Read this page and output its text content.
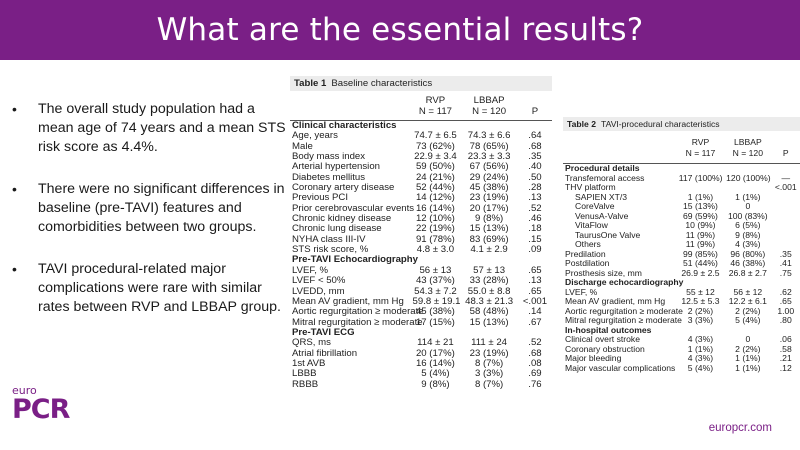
What are the essential results?
• The overall study population had a mean age of 74 years and a mean STS risk score as 4.4%.
• There were no significant differences in baseline (pre-TAVI) features and comorbidities between two groups.
• TAVI procedural-related major complications were rare with similar rates between RVP and LBBAP group.
Table 1 Baseline characteristics
	RVP
N = 117	LBBAP
N = 120	P
Clinical characteristics			
Age, years	74.7 ± 6.5	74.3 ± 6.6	.64
Male	73 (62%)	78 (65%)	.68
Body mass index	22.9 ± 3.4	23.3 ± 3.3	.35
Arterial hypertension	59 (50%)	67 (56%)	.40
Diabetes mellitus	24 (21%)	29 (24%)	.50
Coronary artery disease	52 (44%)	45 (38%)	.28
Previous PCI	14 (12%)	23 (19%)	.13
Prior cerebrovascular events	16 (14%)	20 (17%)	.52
Chronic kidney disease	12 (10%)	9 (8%)	.46
Chronic lung disease	22 (19%)	15 (13%)	.18
NYHA class III-IV	91 (78%)	83 (69%)	.15
STS risk score, %	4.8 ± 3.0	4.1 ± 2.9	.09
Pre-TAVI Echocardiography			
LVEF, %	56 ± 13	57 ± 13	.65
LVEF < 50%	43 (37%)	33 (28%)	.13
LVEDD, mm	54.3 ± 7.2	55.0 ± 8.8	.65
Mean AV gradient, mm Hg	59.8 ± 19.1	48.3 ± 21.3	<.001
Aortic regurgitation ≥ moderate	45 (38%)	58 (48%)	.14
Mitral regurgitation ≥ moderate	17 (15%)	15 (13%)	.67
Pre-TAVI ECG			
QRS, ms	114 ± 21	111 ± 24	.52
Atrial fibrillation	20 (17%)	23 (19%)	.68
1st AVB	16 (14%)	8 (7%)	.08
LBBB	5 (4%)	3 (3%)	.69
RBBB	9 (8%)	8 (7%)	.76
Table 2 TAVI-procedural characteristics
	RVP
N = 117	LBBAP
N = 120	P
Procedural details			
Transfemoral access	117 (100%)	120 (100%)	—
THV platform			<.001
SAPIEN XT/3	1 (1%)	1 (1%)	
CoreValve	15 (13%)	0	
VenusA-Valve	69 (59%)	100 (83%)	
VitaFlow	10 (9%)	6 (5%)	
TaurusOne Valve	11 (9%)	9 (8%)	
Others	11 (9%)	4 (3%)	
Predilation	99 (85%)	96 (80%)	.35
Postdilation	51 (44%)	46 (38%)	.41
Prosthesis size, mm	26.9 ± 2.5	26.8 ± 2.7	.75
Discharge echocardiography			
LVEF, %	55 ± 12	56 ± 12	.62
Mean AV gradient, mm Hg	12.5 ± 5.3	12.2 ± 6.1	.65
Aortic regurgitation ≥ moderate	2 (2%)	2 (2%)	1.00
Mitral regurgitation ≥ moderate	3 (3%)	5 (4%)	.80
In-hospital outcomes			
Clinical overt stroke	4 (3%)	0	.06
Coronary obstruction	1 (1%)	2 (2%)	.58
Major bleeding	4 (3%)	1 (1%)	.21
Major vascular complications	5 (4%)	1 (1%)	.12
euro
PCR
europcr.com
